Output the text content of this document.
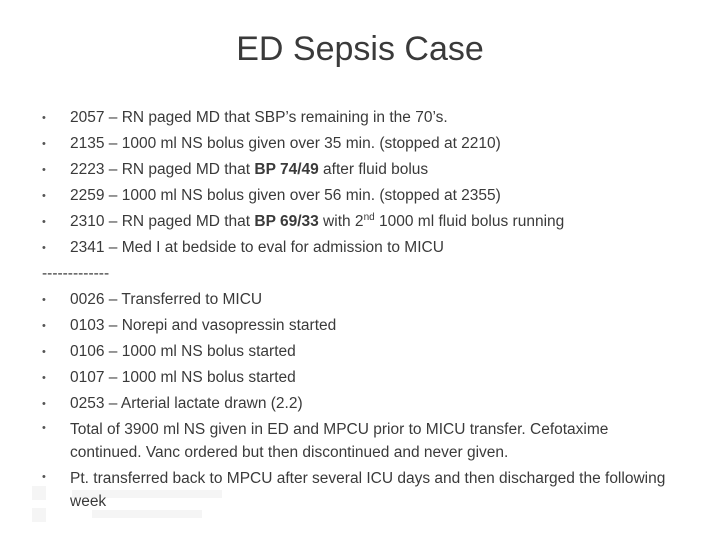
ED Sepsis Case
• 2057 – RN paged MD that SBP’s remaining in the 70’s.
• 2135 – 1000 ml NS bolus given over 35 min. (stopped at 2210)
• 2223 – RN paged MD that BP 74/49 after fluid bolus
• 2259 – 1000 ml NS bolus given over 56 min. (stopped at 2355)
• 2310 – RN paged MD that BP 69/33 with 2nd 1000 ml fluid bolus running
• 2341 – Med I at bedside to eval for admission to MICU
-------------
• 0026 – Transferred to MICU
• 0103 – Norepi and vasopressin started
• 0106 – 1000 ml NS bolus started
• 0107 – 1000 ml NS bolus started
• 0253 – Arterial lactate drawn (2.2)
• Total of 3900 ml NS given in ED and MPCU prior to MICU transfer. Cefotaxime continued. Vanc ordered but then discontinued and never given.
• Pt. transferred back to MPCU after several ICU days and then discharged the following week
